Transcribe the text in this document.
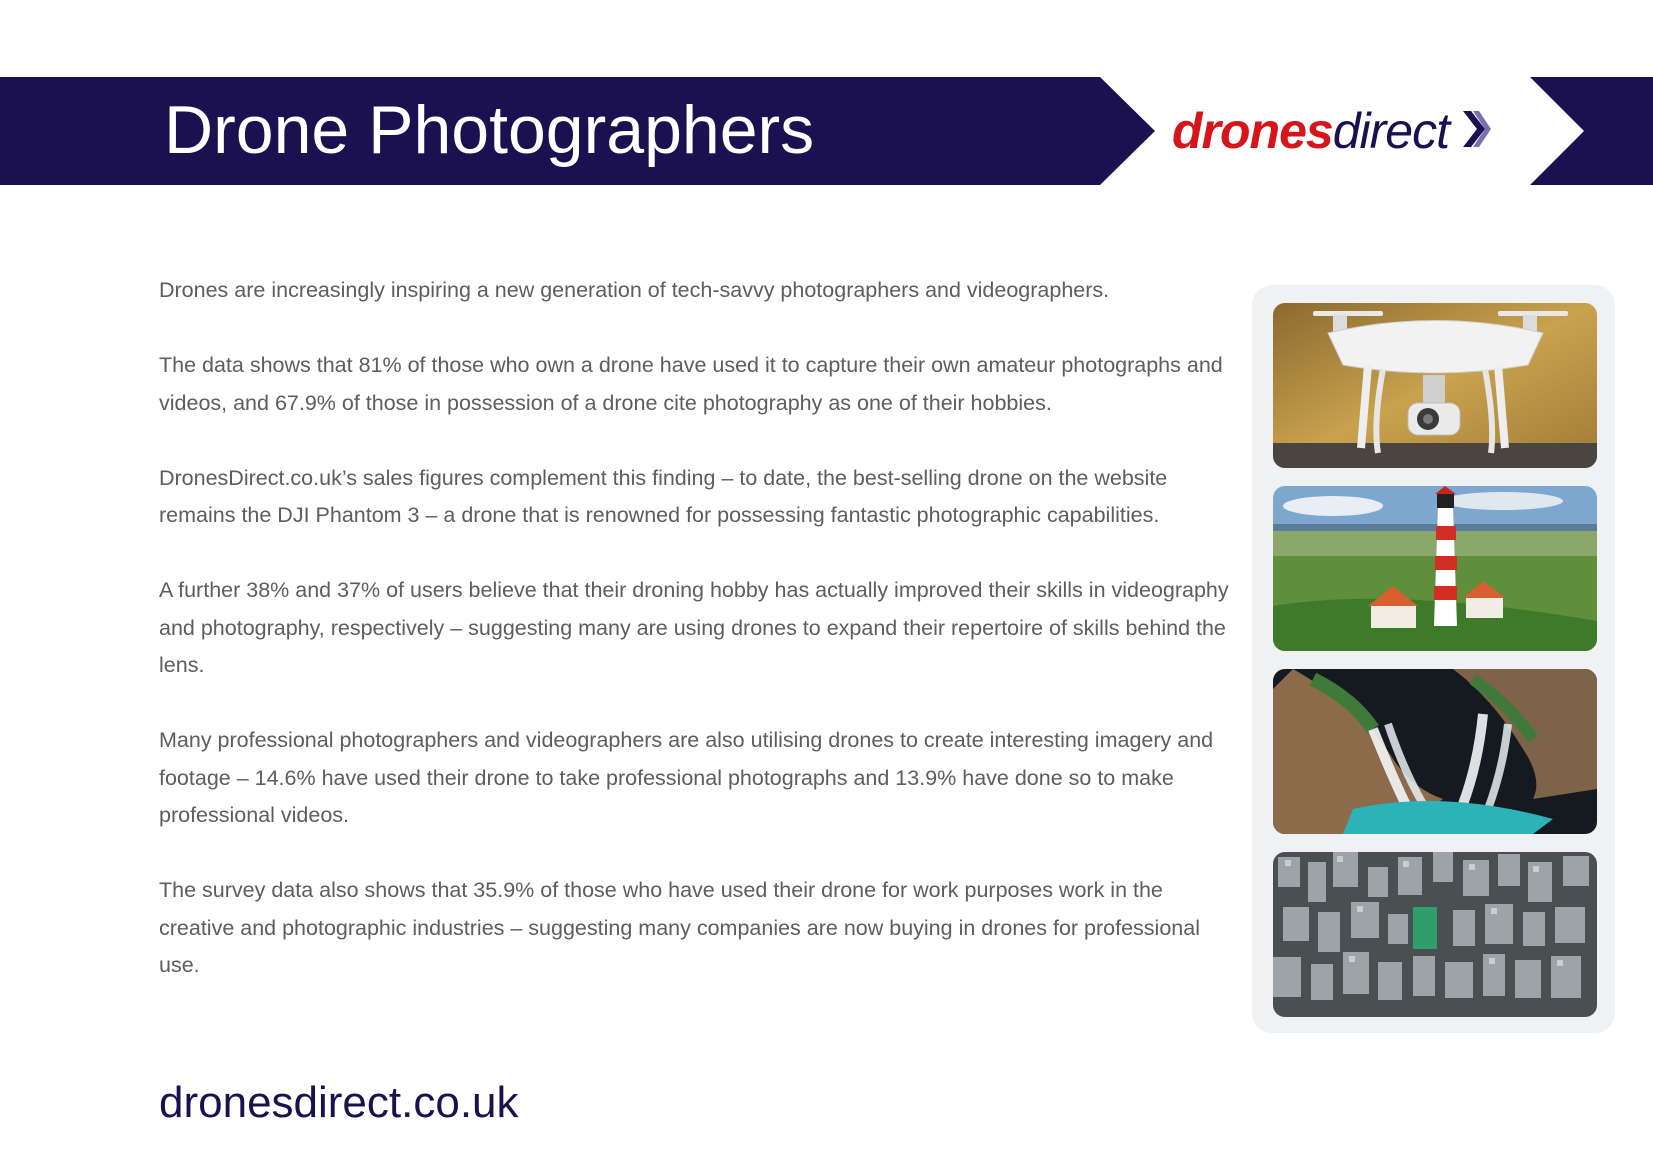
Drone Photographers	drones direct

Drones are increasingly inspiring a new generation of tech-savvy photographers and videographers.

The data shows that 81% of those who own a drone have used it to capture their own amateur photographs and videos, and 67.9% of those in possession of a drone cite photography as one of their hobbies.

DronesDirect.co.uk’s sales figures complement this finding – to date, the best-selling drone on the website remains the DJI Phantom 3 – a drone that is renowned for possessing fantastic photographic capabilities.

A further 38% and 37% of users believe that their droning hobby has actually improved their skills in videography and photography, respectively – suggesting many are using drones to expand their repertoire of skills behind the lens.

Many professional photographers and videographers are also utilising drones to create interesting imagery and footage – 14.6% have used their drone to take professional photographs and 13.9% have done so to make professional videos.

The survey data also shows that 35.9% of those who have used their drone for work purposes work in the creative and photographic industries – suggesting many companies are now buying in drones for professional use.

dronesdirect.co.uk
